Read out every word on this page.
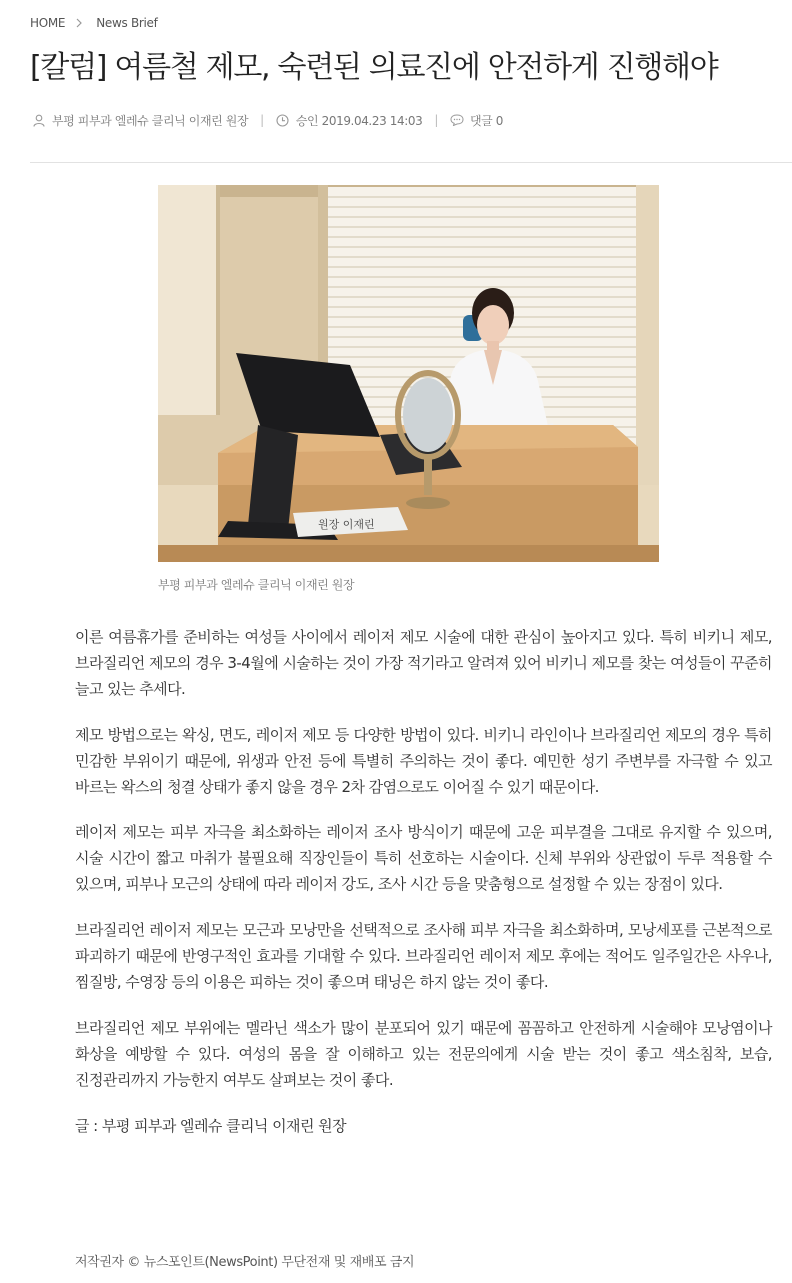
HOME	News Brief
[칼럼] 여름철 제모, 숙련된 의료진에 안전하게 진행해야
부평 피부과 엘레슈 클리닉 이재린 원장 |	승인 2019.04.23 14:03 |	댓글 0
원장 이재린
부평 피부과 엘레슈 클리닉 이재린 원장

이른 여름휴가를 준비하는 여성들 사이에서 레이저 제모 시술에 대한 관심이 높아지고 있다. 특히 비키니 제모, 브라질리언 제모의 경우 3-4월에 시술하는 것이 가장 적기라고 알려져 있어 비키니 제모를 찾는 여성들이 꾸준히 늘고 있는 추세다.

제모 방법으로는 왁싱, 면도, 레이저 제모 등 다양한 방법이 있다. 비키니 라인이나 브라질리언 제모의 경우 특히 민감한 부위이기 때문에, 위생과 안전 등에 특별히 주의하는 것이 좋다. 예민한 성기 주변부를 자극할 수 있고 바르는 왁스의 청결 상태가 좋지 않을 경우 2차 감염으로도 이어질 수 있기 때문이다.

레이저 제모는 피부 자극을 최소화하는 레이저 조사 방식이기 때문에 고운 피부결을 그대로 유지할 수 있으며, 시술 시간이 짧고 마취가 불필요해 직장인들이 특히 선호하는 시술이다. 신체 부위와 상관없이 두루 적용할 수 있으며, 피부나 모근의 상태에 따라 레이저 강도, 조사 시간 등을 맞춤형으로 설정할 수 있는 장점이 있다.

브라질리언 레이저 제모는 모근과 모낭만을 선택적으로 조사해 피부 자극을 최소화하며, 모낭세포를 근본적으로 파괴하기 때문에 반영구적인 효과를 기대할 수 있다. 브라질리언 레이저 제모 후에는 적어도 일주일간은 사우나, 찜질방, 수영장 등의 이용은 피하는 것이 좋으며 태닝은 하지 않는 것이 좋다.

브라질리언 제모 부위에는 멜라닌 색소가 많이 분포되어 있기 때문에 꼼꼼하고 안전하게 시술해야 모낭염이나 화상을 예방할 수 있다. 여성의 몸을 잘 이해하고 있는 전문의에게 시술 받는 것이 좋고 색소침착, 보습, 진정관리까지 가능한지 여부도 살펴보는 것이 좋다.

글 : 부평 피부과 엘레슈 클리닉 이재린 원장

저작권자 © 뉴스포인트(NewsPoint) 무단전재 및 재배포 금지
